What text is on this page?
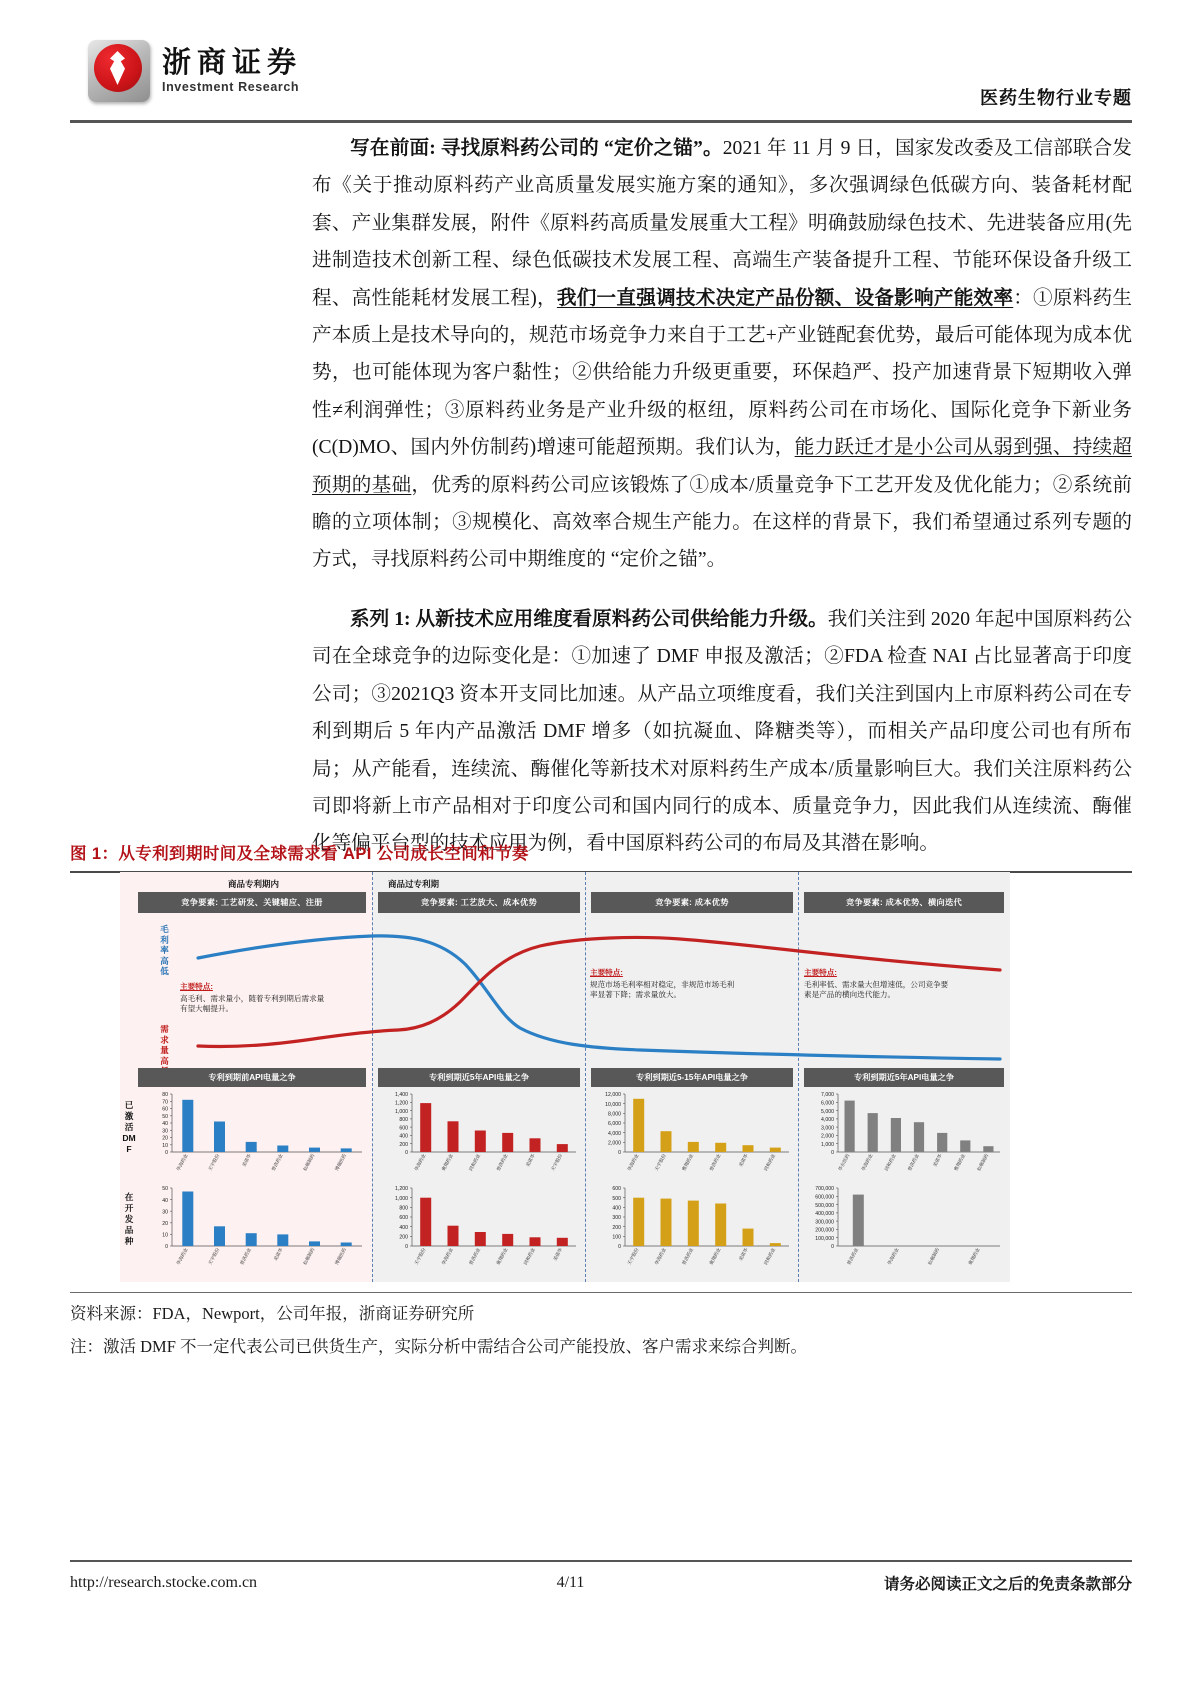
浙商证券
Investment Research
医药生物行业专题

写在前面: 寻找原料药公司的 “定价之锚”。2021 年 11 月 9 日，国家发改委及工信部联合发布《关于推动原料药产业高质量发展实施方案的通知》，多次强调绿色低碳方向、装备耗材配套、产业集群发展，附件《原料药高质量发展重大工程》明确鼓励绿色技术、先进装备应用(先进制造技术创新工程、绿色低碳技术发展工程、高端生产装备提升工程、节能环保设备升级工程、高性能耗材发展工程)，我们一直强调技术决定产品份额、设备影响产能效率：①原料药生产本质上是技术导向的，规范市场竞争力来自于工艺+产业链配套优势，最后可能体现为成本优势，也可能体现为客户黏性；②供给能力升级更重要，环保趋严、投产加速背景下短期收入弹性≠利润弹性；③原料药业务是产业升级的枢纽，原料药公司在市场化、国际化竞争下新业务(C(D)MO、国内外仿制药)增速可能超预期。我们认为，能力跃迁才是小公司从弱到强、持续超预期的基础，优秀的原料药公司应该锻炼了①成本/质量竞争下工艺开发及优化能力；②系统前瞻的立项体制；③规模化、高效率合规生产能力。在这样的背景下，我们希望通过系列专题的方式，寻找原料药公司中期维度的 “定价之锚”。

系列 1: 从新技术应用维度看原料药公司供给能力升级。我们关注到 2020 年起中国原料药公司在全球竞争的边际变化是：①加速了 DMF 申报及激活；②FDA 检查 NAI 占比显著高于印度公司；③2021Q3 资本开支同比加速。从产品立项维度看，我们关注到国内上市原料药公司在专利到期后 5 年内产品激活 DMF 增多（如抗凝血、降糖类等），而相关产品印度公司也有所布局；从产能看，连续流、酶催化等新技术对原料药生产成本/质量影响巨大。我们关注原料药公司即将新上市产品相对于印度公司和国内同行的成本、质量竞争力，因此我们从连续流、酶催化等偏平台型的技术应用为例，看中国原料药公司的布局及其潜在影响。

图 1：从专利到期时间及全球需求看 API 公司成长空间和节奏
商品专利期内	商品过专利期
竞争要素: 工艺研发、关键辅应、注册	竞争要素: 工艺放大、成本优势	竞争要素: 成本优势	竞争要素: 成本优势、横向迭代
毛利率高低
需求量高
主要特点:
高毛利、需求量小，随着专利到期后需求量有望大幅提升。
主要特点:
规范市场毛利率相对稳定，非规范市场毛利率显著下降；需求量放大。
主要特点:
毛利率低、需求量大但增速低，公司竞争要素是产品的横向迭代能力。
专利到期前API电量之争	专利到期近5年API电量之争	专利到期近5-15年API电量之争	专利到期近5年API电量之争
已激活DMF
在开发品种
0
10
20
30
40
50
60
70
80
华海药业	天宇股份	美诺华	普洛药业	仙琚制药	博瑞医药	0
200
400
600
800
1,000
1,200
1,400
华海药业	奥翔药业	同和药业	普洛药业	美诺华	天宇股份	0
2,000
4,000
6,000
8,000
10,000
12,000
华海药业	天宇股份	奥翔药业	普洛药业	美诺华	同和药业	0
1,000
2,000
3,000
4,000
5,000
6,000
7,000
华东医药 华海药业 同和药业 普洛药业	美诺华 奥翔药业 仙琚制药
0
10
20
30
40
50
华海药业	天宇股份	普洛药业	美诺华	仙琚制药	博瑞医药	0
200
400
600
800
1,000
1,200
天宇股份	华海药业	普洛药业	奥翔药业	同和药业	美诺华	0
100
200
300
400
500
600
天宇股份	华海药业	普洛药业	奥翔药业	美诺华	同和药业	0
100,000
200,000
300,000
400,000
500,000
600,000
700,000
普洛药业	华海药业	仙琚制药	奥翔药业

资料来源：FDA，Newport，公司年报，浙商证券研究所

注：激活 DMF 不一定代表公司已供货生产，实际分析中需结合公司产能投放、客户需求来综合判断。

http://research.stocke.com.cn	4/11	请务必阅读正文之后的免责条款部分
